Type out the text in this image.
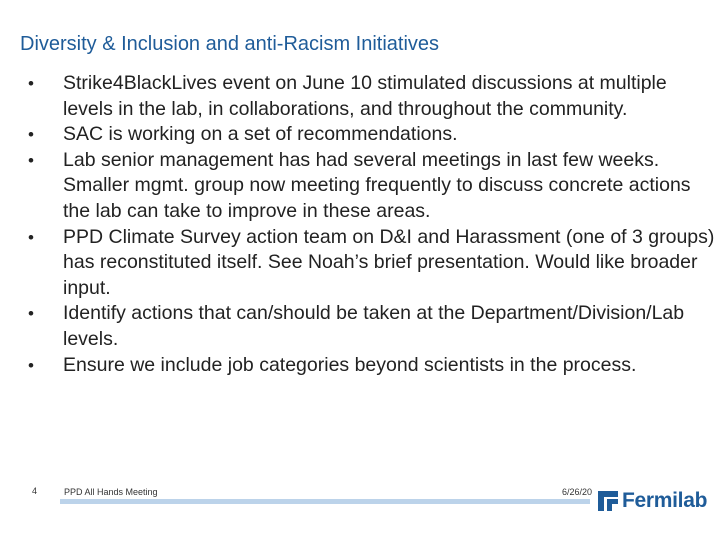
Diversity & Inclusion and anti-Racism Initiatives
• Strike4BlackLives event on June 10 stimulated discussions at multiple levels in the lab, in collaborations, and throughout the community.
• SAC is working on a set of recommendations.
• Lab senior management has had several meetings in last few weeks. Smaller mgmt. group now meeting frequently to discuss concrete actions the lab can take to improve in these areas.
• PPD Climate Survey action team on D&I and Harassment (one of 3 groups) has reconstituted itself. See Noah’s brief presentation. Would like broader input.
• Identify actions that can/should be taken at the Department/Division/Lab levels.
• Ensure we include job categories beyond scientists in the process.
4	PPD All Hands Meeting	6/26/20 Fermilab
